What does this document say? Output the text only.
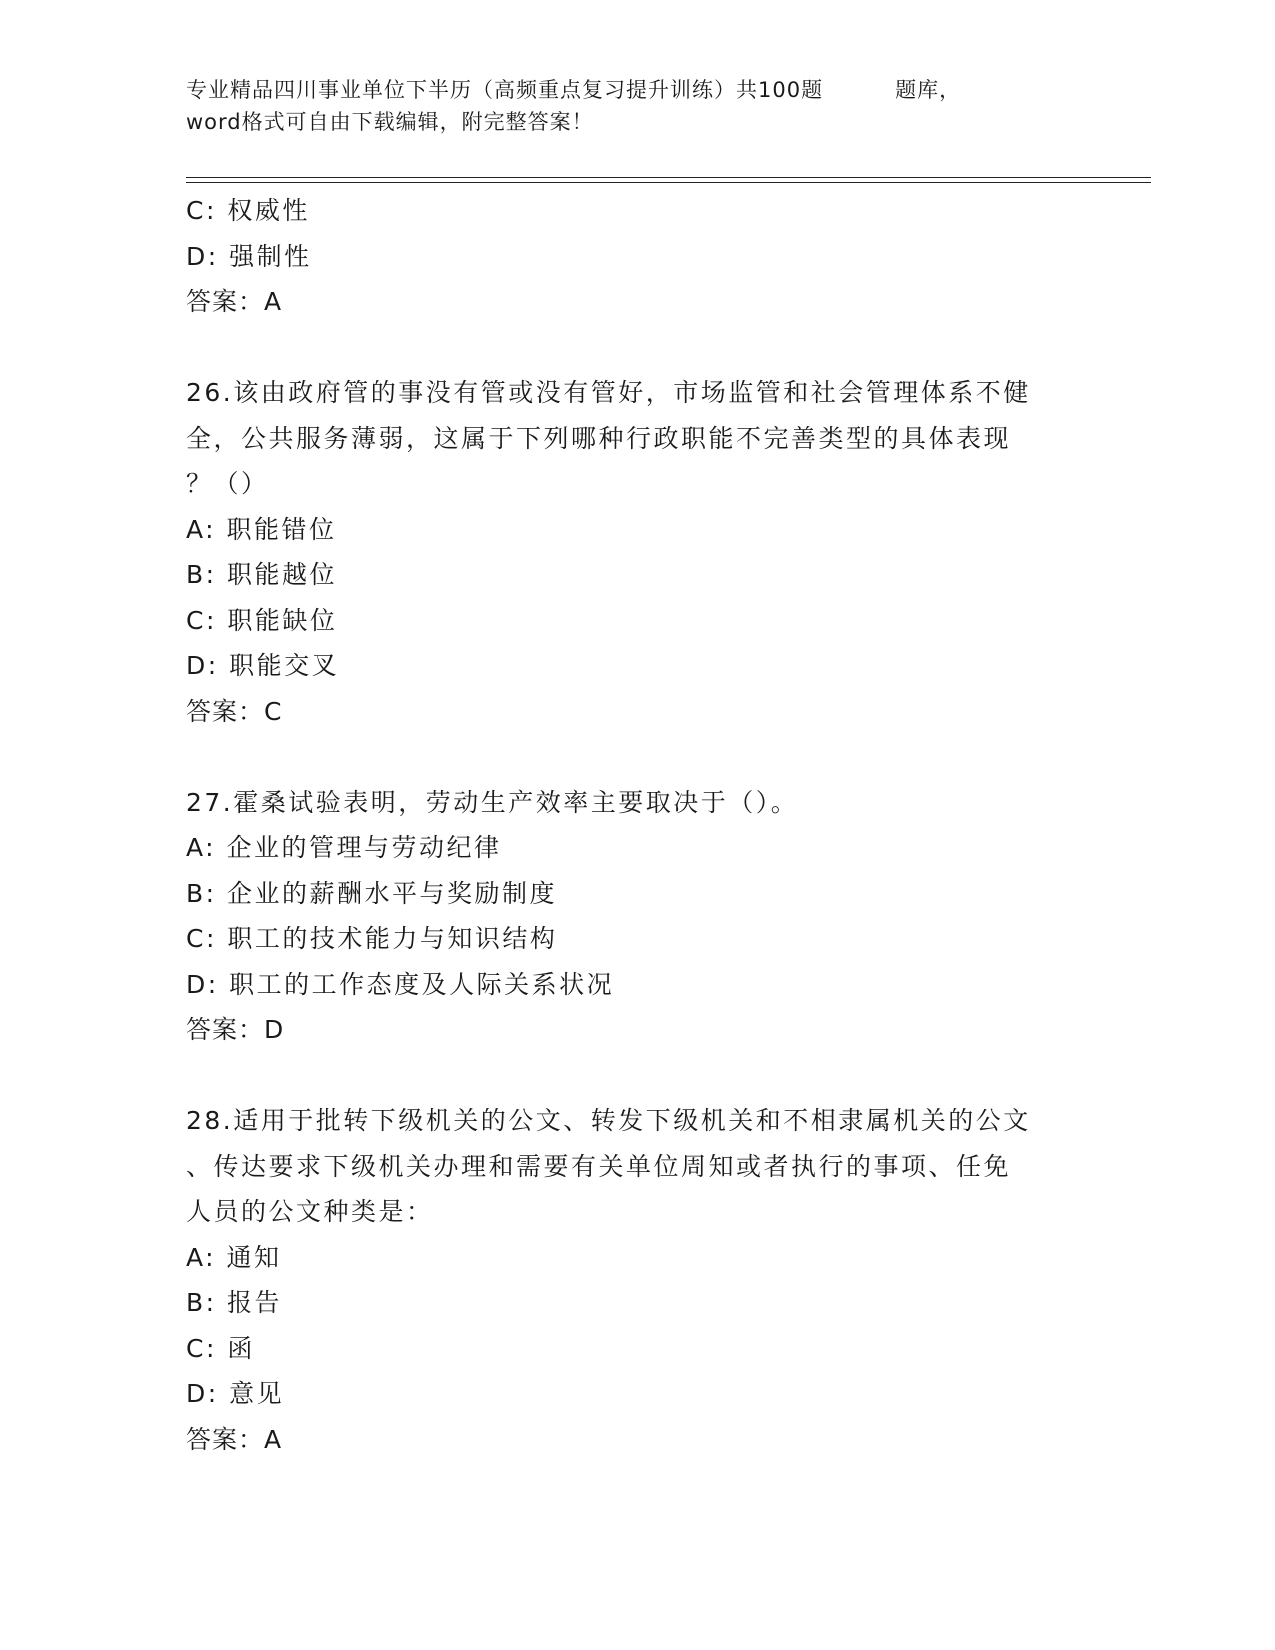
专业精品四川事业单位下半历（高频重点复习提升训练）共100题	题库，
word格式可自由下载编辑，附完整答案！
C: 权威性
D: 强制性
答案：A
26.该由政府管的事没有管或没有管好，市场监管和社会管理体系不健
全，公共服务薄弱，这属于下列哪种行政职能不完善类型的具体表现
？（）
A: 职能错位
B: 职能越位
C: 职能缺位
D: 职能交叉
答案：C
27.霍桑试验表明，劳动生产效率主要取决于（）。
A: 企业的管理与劳动纪律
B: 企业的薪酬水平与奖励制度
C: 职工的技术能力与知识结构
D: 职工的工作态度及人际关系状况
答案：D
28.适用于批转下级机关的公文、转发下级机关和不相隶属机关的公文
、传达要求下级机关办理和需要有关单位周知或者执行的事项、任免
人员的公文种类是：
A: 通知
B: 报告
C: 函
D: 意见
答案：A
